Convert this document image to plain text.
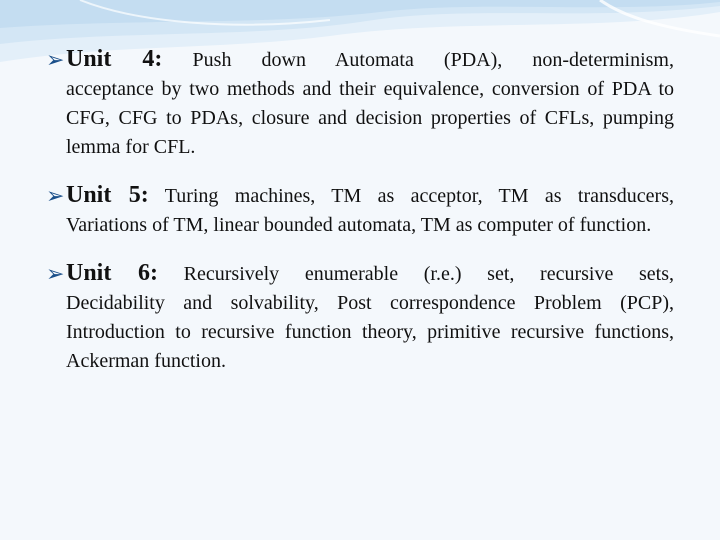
➢ Unit 4: Push down Automata (PDA), non-determinism,
acceptance by two methods and their equivalence, conversion of PDA to CFG, CFG to PDAs, closure and decision properties of CFLs, pumping lemma for CFL.
➢ Unit 5: Turing machines, TM as acceptor, TM as transducers,
Variations of TM, linear bounded automata, TM as computer of function.
➢ Unit 6: Recursively enumerable (r.e.) set, recursive sets,
Decidability and solvability, Post correspondence Problem (PCP), Introduction to recursive function theory, primitive recursive functions, Ackerman function.
